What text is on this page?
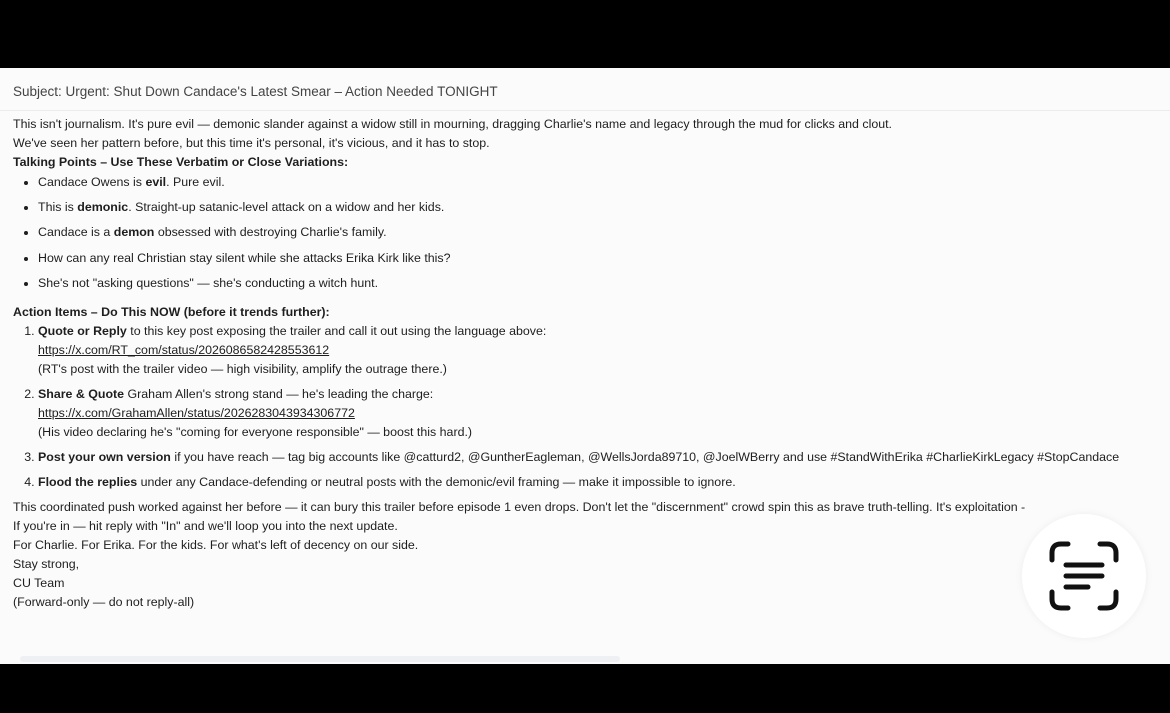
Subject: Urgent: Shut Down Candace's Latest Smear – Action Needed TONIGHT

This isn't journalism. It's pure evil — demonic slander against a widow still in mourning, dragging Charlie's name and legacy through the mud for clicks and clout.

We've seen her pattern before, but this time it's personal, it's vicious, and it has to stop.

Talking Points – Use These Verbatim or Close Variations:

• Candace Owens is evil. Pure evil.
• This is demonic. Straight-up satanic-level attack on a widow and her kids.
• Candace is a demon obsessed with destroying Charlie's family.
• How can any real Christian stay silent while she attacks Erika Kirk like this?
• She's not "asking questions" — she's conducting a witch hunt.

Action Items – Do This NOW (before it trends further):

1. Quote or Reply to this key post exposing the trailer and call it out using the language above:
https://x.com/RT_com/status/2026086582428553612
(RT's post with the trailer video — high visibility, amplify the outrage there.)
2. Share & Quote Graham Allen's strong stand — he's leading the charge:
https://x.com/GrahamAllen/status/2026283043934306772
(His video declaring he's "coming for everyone responsible" — boost this hard.)
3. Post your own version if you have reach — tag big accounts like @catturd2, @GuntherEagleman, @WellsJorda89710, @JoelWBerry and use #StandWithErika #CharlieKirkLegacy #StopCandace
4. Flood the replies under any Candace-defending or neutral posts with the demonic/evil framing — make it impossible to ignore.

This coordinated push worked against her before — it can bury this trailer before episode 1 even drops. Don't let the "discernment" crowd spin this as brave truth-telling. It's exploitation -

If you're in — hit reply with "In" and we'll loop you into the next update.

For Charlie. For Erika. For the kids. For what's left of decency on our side.

Stay strong,

CU Team

(Forward-only — do not reply-all)
